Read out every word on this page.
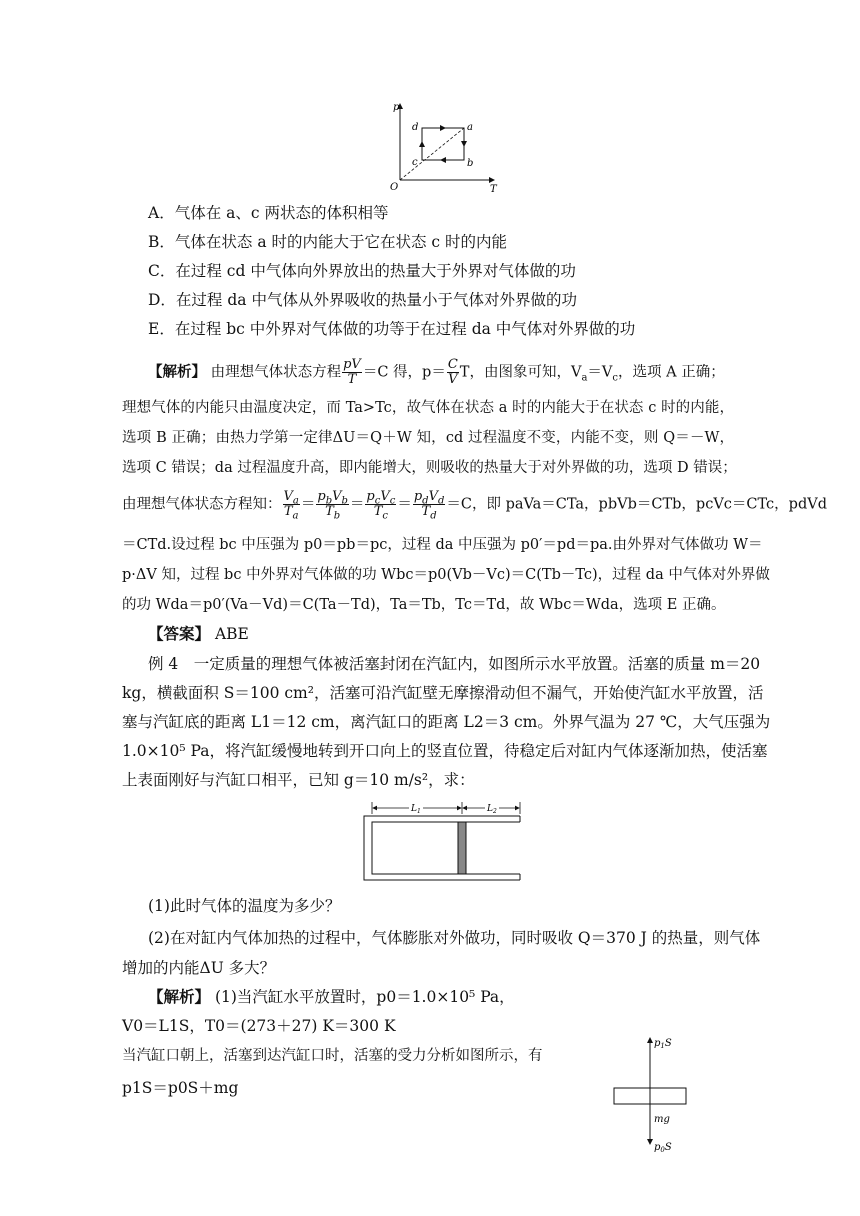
p
T
O
a
b
c
d
A．气体在 a、c 两状态的体积相等
B．气体在状态 a 时的内能大于它在状态 c 时的内能
C．在过程 cd 中气体向外界放出的热量大于外界对气体做的功
D．在过程 da 中气体从外界吸收的热量小于气体对外界做的功
E．在过程 bc 中外界对气体做的功等于在过程 da 中气体对外界做的功
【解析】 由理想气体状态方程 $\frac{pV}{T} =C$ 得，$p= \frac{C}{V}$ T，由图象可知，$V_a=V_c$，选项 A 正确；
理想气体的内能只由温度决定，而 Ta>Tc，故气体在状态 a 时的内能大于在状态 c 时的内能，
选项 B 正确；由热力学第一定律ΔU＝Q＋W 知，cd 过程温度不变，内能不变，则 Q＝－W，
选项 C 错误；da 过程温度升高，即内能增大，则吸收的热量大于对外界做的功，选项 D 错误；
由理想气体状态方程知： $\frac{V_a}{T_a} = \frac{p_bV_b}{T_b} = \frac{p_cV_c}{T_c} = \frac{p_dV_d}{T_d} =C$，即 paVa＝CTa，pbVb＝CTb，pcVc＝CTc，pdVd
＝CTd.设过程 bc 中压强为 p0＝pb＝pc，过程 da 中压强为 p0′＝pd＝pa.由外界对气体做功 W＝
p·ΔV 知，过程 bc 中外界对气体做的功 Wbc＝p0(Vb－Vc)＝C(Tb－Tc)，过程 da 中气体对外界做
的功 Wda＝p0′(Va－Vd)＝C(Ta－Td)，Ta＝Tb，Tc＝Td，故 Wbc＝Wda，选项 E 正确。
【答案】 ABE
例 4　一定质量的理想气体被活塞封闭在汽缸内，如图所示水平放置。活塞的质量 m＝20
kg，横截面积 S＝100 cm²，活塞可沿汽缸壁无摩擦滑动但不漏气，开始使汽缸水平放置，活
塞与汽缸底的距离 L1＝12 cm，离汽缸口的距离 L2＝3 cm。外界气温为 27 ℃，大气压强为
1.0×10⁵ Pa，将汽缸缓慢地转到开口向上的竖直位置，待稳定后对缸内气体逐渐加热，使活塞
上表面刚好与汽缸口相平，已知 g＝10 m/s²，求：
$L_1$	$L_2$
(1)此时气体的温度为多少？
(2)在对缸内气体加热的过程中，气体膨胀对外做功，同时吸收 Q＝370 J 的热量，则气体
增加的内能ΔU 多大？
【解析】 (1)当汽缸水平放置时，p0＝1.0×10⁵ Pa，
V0＝L1S，T0＝(273＋27) K＝300 K
当汽缸口朝上，活塞到达汽缸口时，活塞的受力分析如图所示，有
p1S＝p0S＋mg
$p_1S$
mg
$p_0S$
